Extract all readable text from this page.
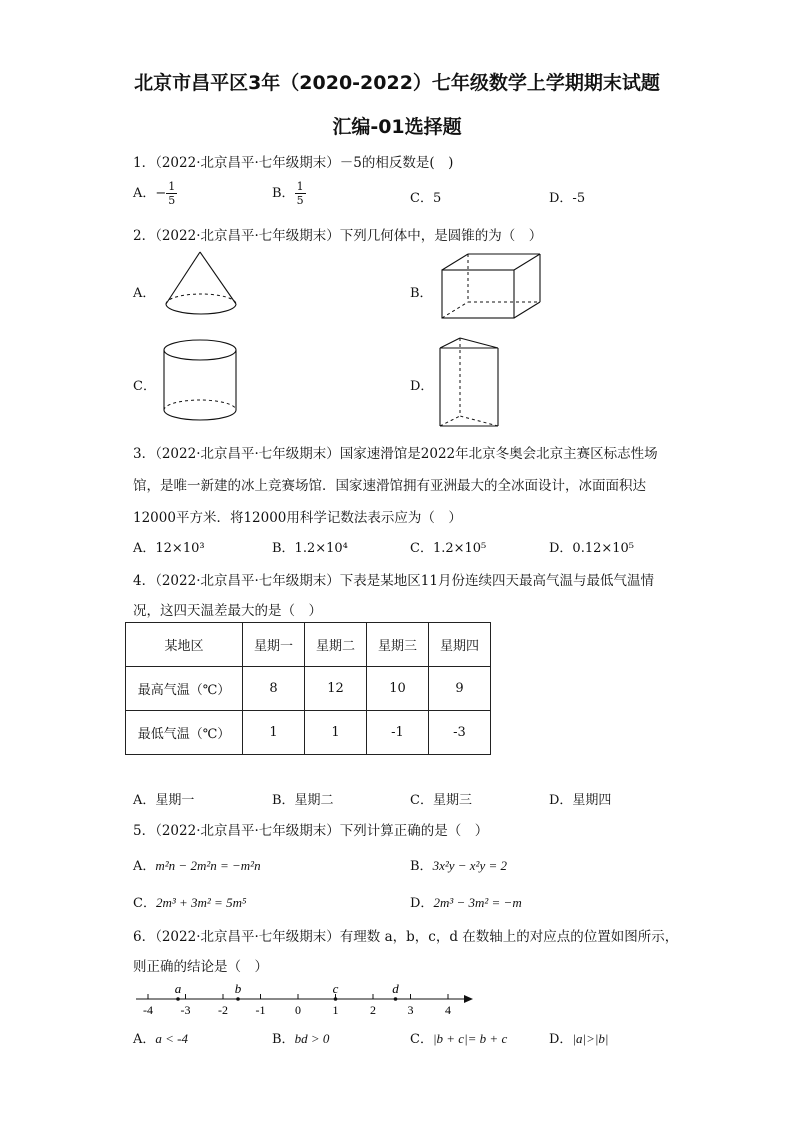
北京市昌平区3年（2020-2022）七年级数学上学期期末试题
汇编-01选择题
1．（2022·北京昌平·七年级期末）－5的相反数是(　)
A．− $\frac{1}{5}$	B． $\frac{1}{5}$	C．5	D．-5
2．（2022·北京昌平·七年级期末）下列几何体中，是圆锥的为（　）
A．	B．
C．	D．
3．（2022·北京昌平·七年级期末）国家速滑馆是2022年北京冬奥会北京主赛区标志性场
馆，是唯一新建的冰上竞赛场馆．国家速滑馆拥有亚洲最大的全冰面设计，冰面面积达
12000平方米．将12000用科学记数法表示应为（　）
A．12×10³	B．1.2×10⁴	C．1.2×10⁵	D．0.12×10⁵
4．（2022·北京昌平·七年级期末）下表是某地区11月份连续四天最高气温与最低气温情
况，这四天温差最大的是（　）
某地区	星期一	星期二	星期三	星期四
最高气温（℃）	8	12	10	9
最低气温（℃）	1	1	-1	-3
A．星期一	B．星期二	C．星期三	D．星期四
5．（2022·北京昌平·七年级期末）下列计算正确的是（　）
A．m²n − 2m²n = −m²n	B．3x²y − x²y = 2
C．2m³ + 3m² = 5m⁵	D．2m³ − 3m² = −m
6．（2022·北京昌平·七年级期末）有理数 a，b，c，d 在数轴上的对应点的位置如图所示，
则正确的结论是（　）
-4 -3 -2 -1 0	1	2	3	4
a	b	c	d
A．a < -4	B．bd > 0	C．|b + c|= b + c	D．|a|>|b|
